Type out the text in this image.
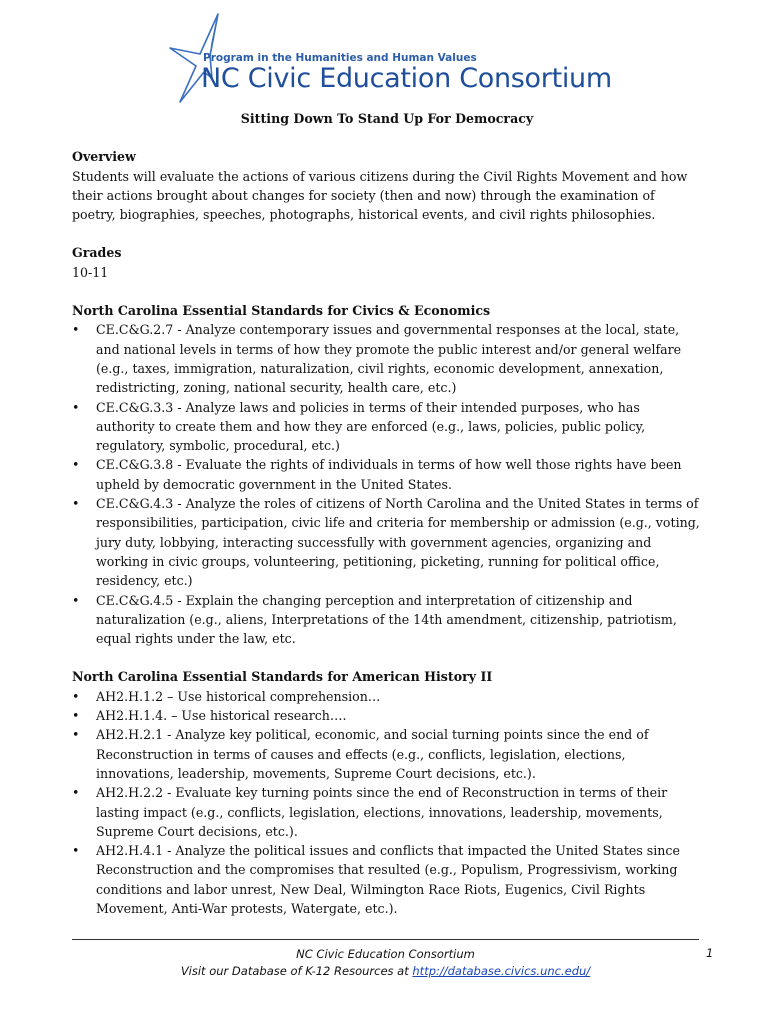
Program in the Humanities and Human Values
NC Civic Education Consortium

Sitting Down To Stand Up For Democracy

Overview

Students will evaluate the actions of various citizens during the Civil Rights Movement and how their actions brought about changes for society (then and now) through the examination of poetry, biographies, speeches, photographs, historical events, and civil rights philosophies.

Grades

10-11

North Carolina Essential Standards for Civics & Economics

• CE.C&G.2.7 - Analyze contemporary issues and governmental responses at the local, state, and national levels in terms of how they promote the public interest and/or general welfare (e.g., taxes, immigration, naturalization, civil rights, economic development, annexation, redistricting, zoning, national security, health care, etc.)
• CE.C&G.3.3 - Analyze laws and policies in terms of their intended purposes, who has authority to create them and how they are enforced (e.g., laws, policies, public policy, regulatory, symbolic, procedural, etc.)
• CE.C&G.3.8 - Evaluate the rights of individuals in terms of how well those rights have been upheld by democratic government in the United States.
• CE.C&G.4.3 - Analyze the roles of citizens of North Carolina and the United States in terms of responsibilities, participation, civic life and criteria for membership or admission (e.g., voting, jury duty, lobbying, interacting successfully with government agencies, organizing and working in civic groups, volunteering, petitioning, picketing, running for political office, residency, etc.)
• CE.C&G.4.5 - Explain the changing perception and interpretation of citizenship and naturalization (e.g., aliens, Interpretations of the 14th amendment, citizenship, patriotism, equal rights under the law, etc.

North Carolina Essential Standards for American History II

• AH2.H.1.2 – Use historical comprehension…
• AH2.H.1.4. – Use historical research….
• AH2.H.2.1 - Analyze key political, economic, and social turning points since the end of Reconstruction in terms of causes and effects (e.g., conflicts, legislation, elections, innovations, leadership, movements, Supreme Court decisions, etc.).
• AH2.H.2.2 - Evaluate key turning points since the end of Reconstruction in terms of their lasting impact (e.g., conflicts, legislation, elections, innovations, leadership, movements, Supreme Court decisions, etc.).
• AH2.H.4.1 - Analyze the political issues and conflicts that impacted the United States since Reconstruction and the compromises that resulted (e.g., Populism, Progressivism, working conditions and labor unrest, New Deal, Wilmington Race Riots, Eugenics, Civil Rights Movement, Anti-War protests, Watergate, etc.).
NC Civic Education Consortium
Visit our Database of K-12 Resources at http://database.civics.unc.edu/
1
